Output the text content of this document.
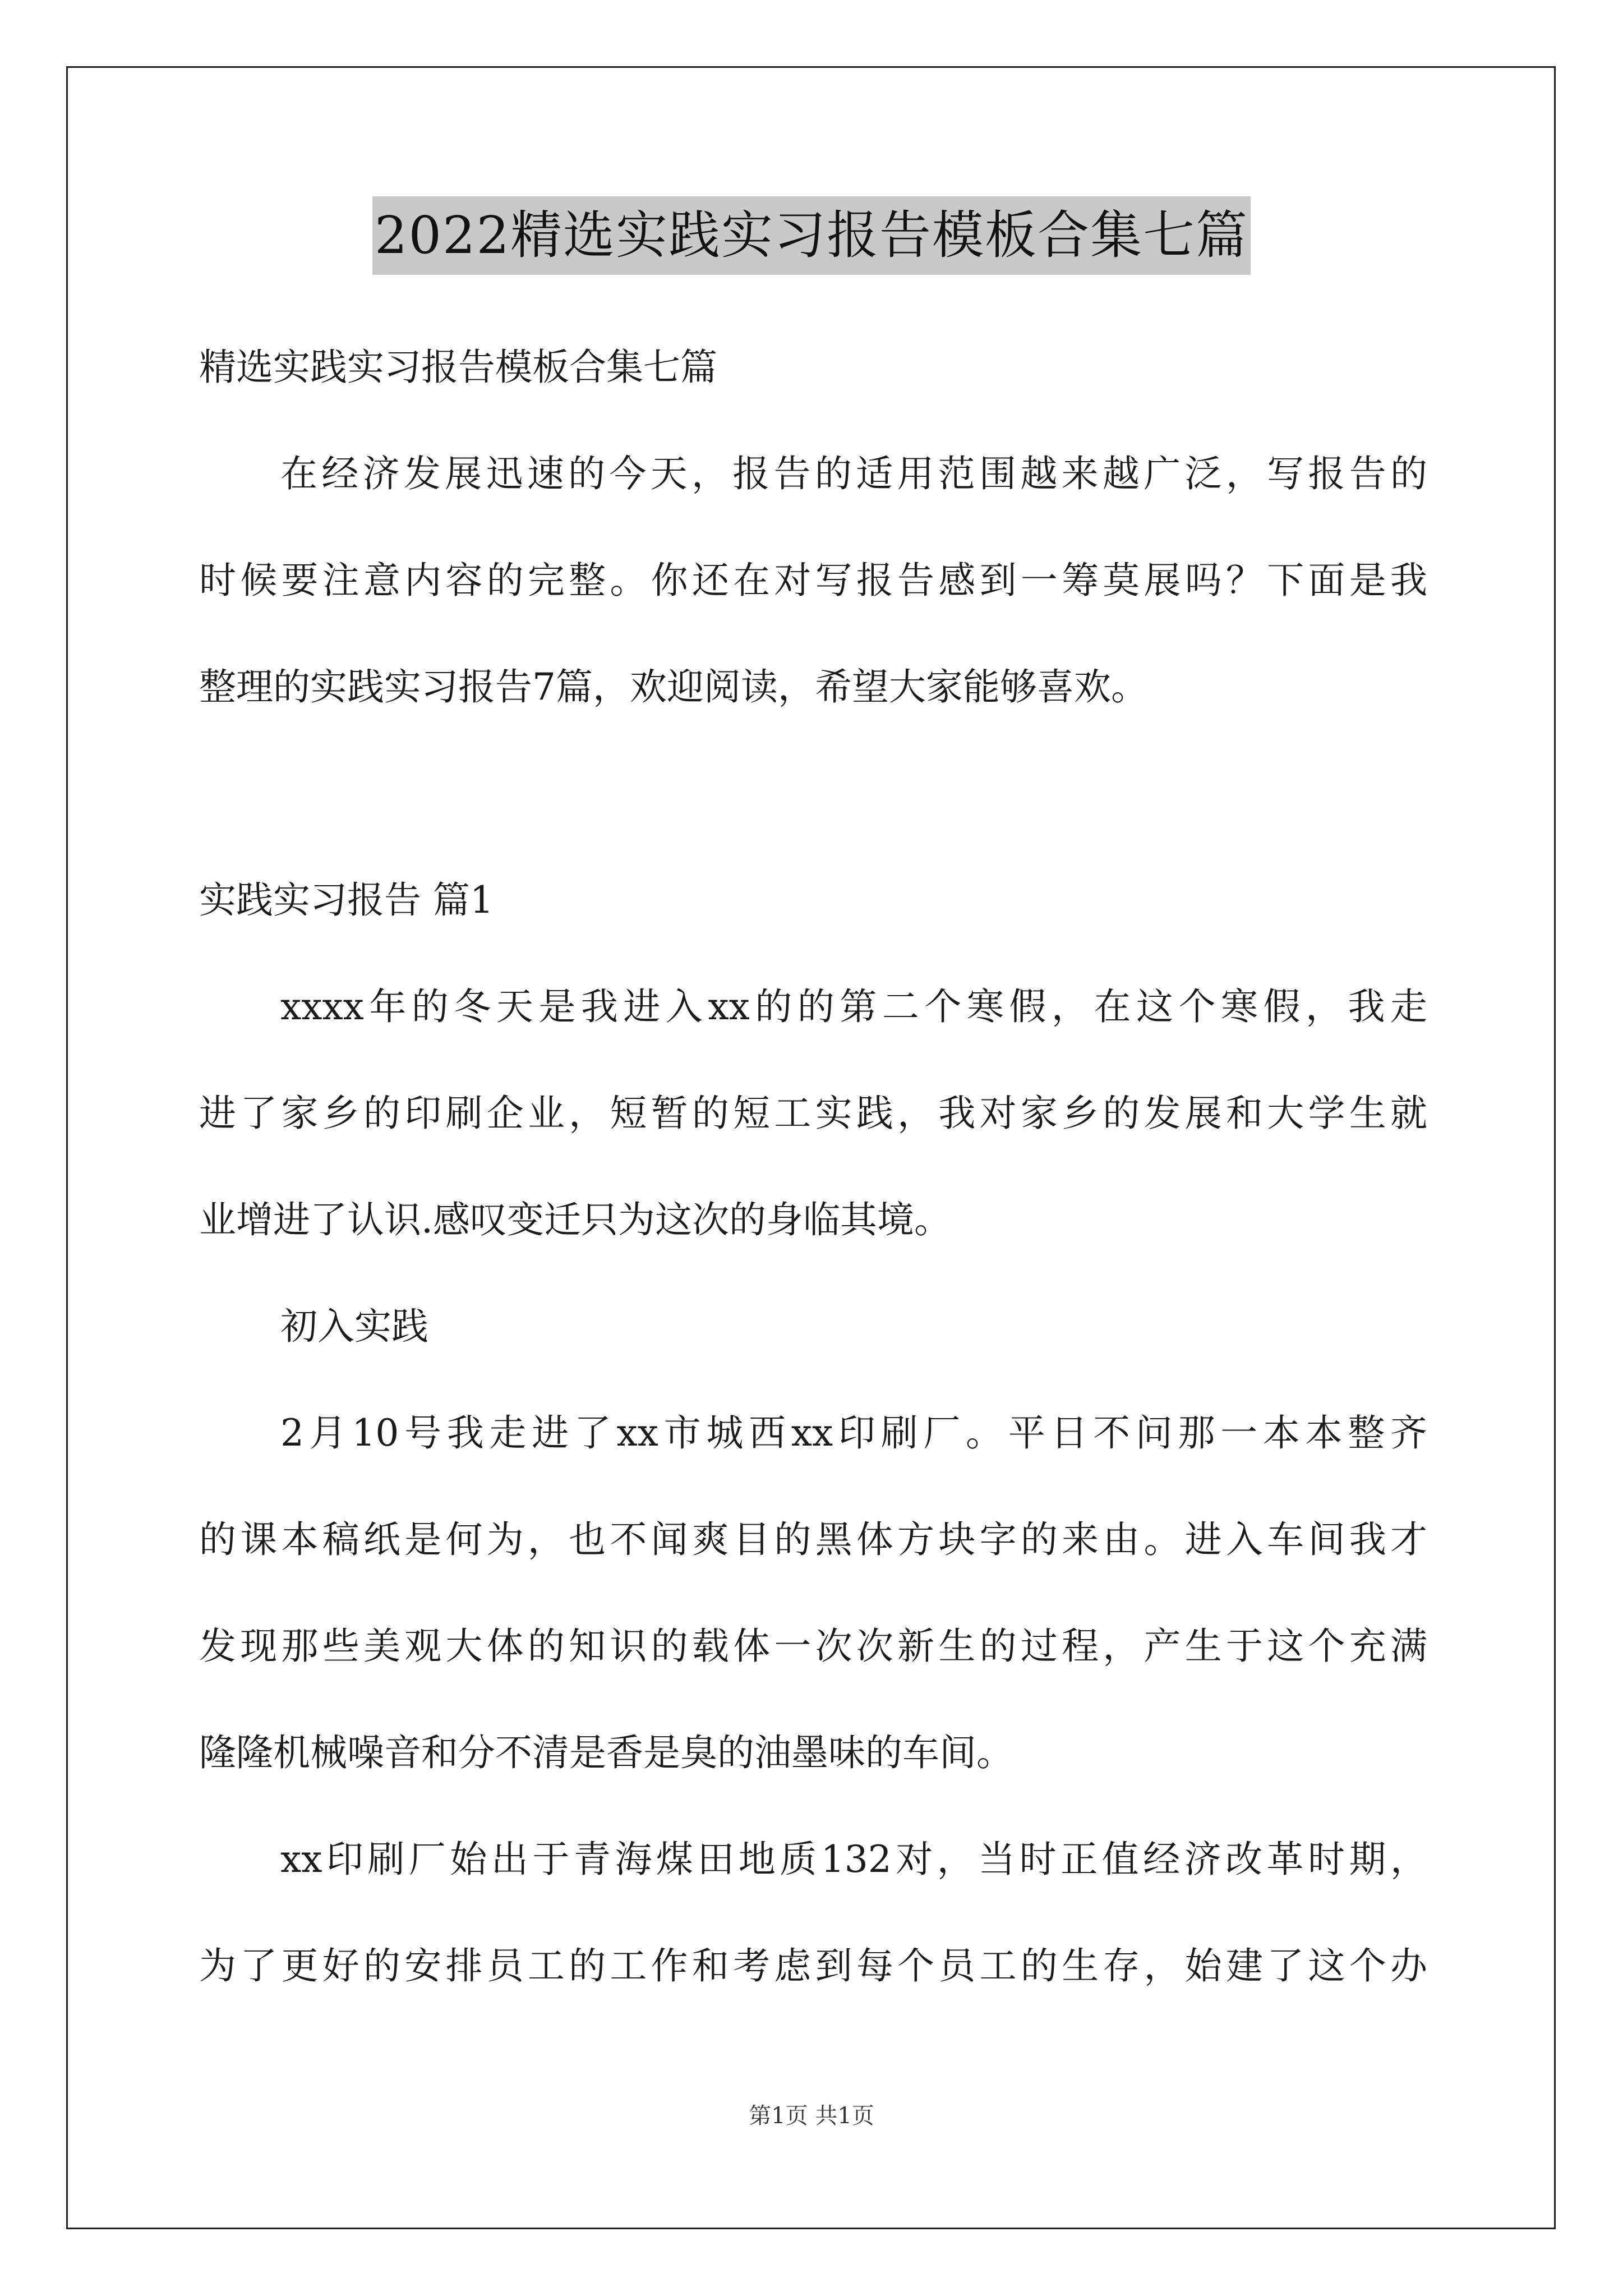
2022精选实践实习报告模板合集七篇
精选实践实习报告模板合集七篇
在经济发展迅速的今天，报告的适用范围越来越广泛，写报告的
时候要注意内容的完整。你还在对写报告感到一筹莫展吗？下面是我
整理的实践实习报告7篇，欢迎阅读，希望大家能够喜欢。
实践实习报告 篇1
xxxx年的冬天是我进入xx的的第二个寒假，在这个寒假，我走
进了家乡的印刷企业，短暂的短工实践，我对家乡的发展和大学生就
业增进了认识.感叹变迁只为这次的身临其境。
初入实践
2月10号我走进了xx市城西xx印刷厂。平日不问那一本本整齐
的课本稿纸是何为，也不闻爽目的黑体方块字的来由。进入车间我才
发现那些美观大体的知识的载体一次次新生的过程，产生于这个充满
隆隆机械噪音和分不清是香是臭的油墨味的车间。
xx印刷厂始出于青海煤田地质132对，当时正值经济改革时期，
为了更好的安排员工的工作和考虑到每个员工的生存，始建了这个办
第1页 共1页
